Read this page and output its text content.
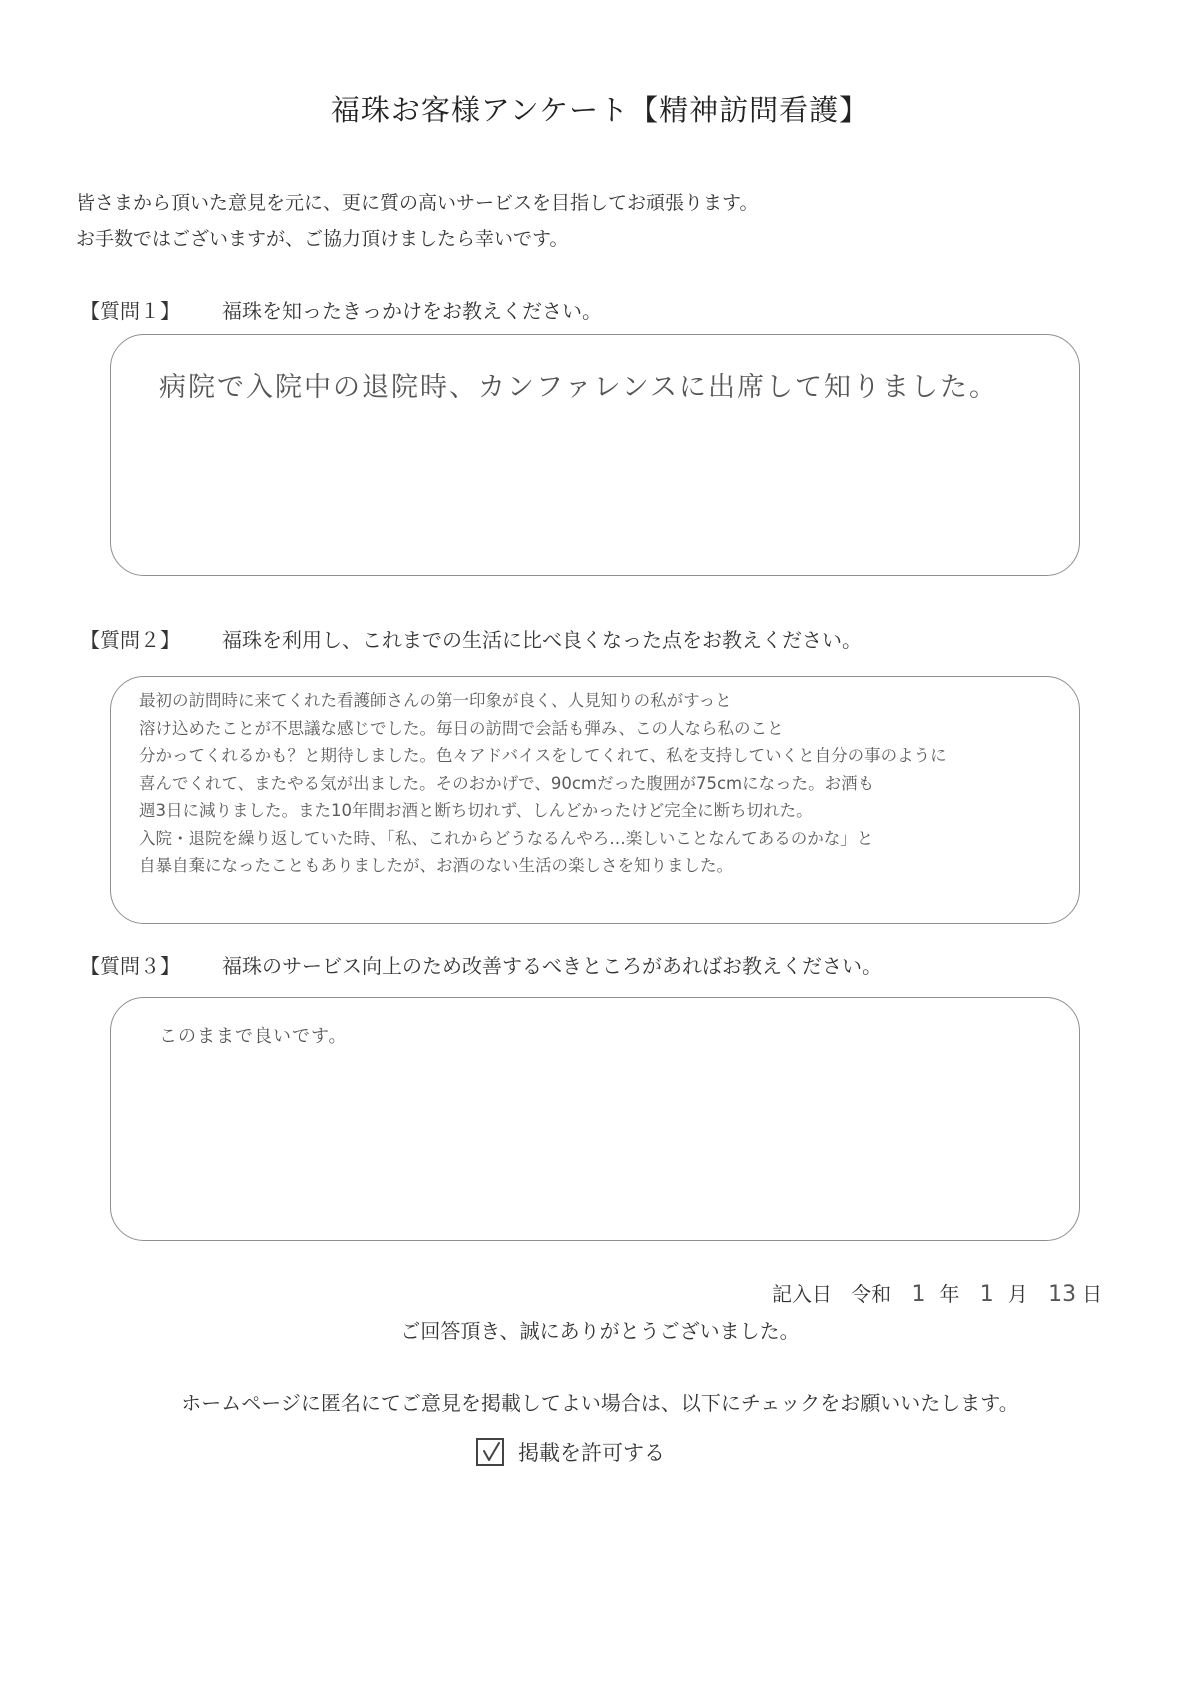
福珠お客様アンケート【精神訪問看護】
皆さまから頂いた意見を元に、更に質の高いサービスを目指してお頑張ります。
お手数ではございますが、ご協力頂けましたら幸いです。
【質問１】 福珠を知ったきっかけをお教えください。
病院で入院中の退院時、カンファレンスに出席して知りました。
【質問２】 福珠を利用し、これまでの生活に比べ良くなった点をお教えください。
最初の訪問時に来てくれた看護師さんの第一印象が良く、人見知りの私がすっと
溶け込めたことが不思議な感じでした。毎日の訪問で会話も弾み、この人なら私のこと
分かってくれるかも？と期待しました。色々アドバイスをしてくれて、私を支持していくと自分の事のように
喜んでくれて、またやる気が出ました。そのおかげで、90cmだった腹囲が75cmになった。お酒も
週3日に減りました。また10年間お酒と断ち切れず、しんどかったけど完全に断ち切れた。
入院・退院を繰り返していた時、「私、これからどうなるんやろ…楽しいことなんてあるのかな」と
自暴自棄になったこともありましたが、お酒のない生活の楽しさを知りました。
【質問３】 福珠のサービス向上のため改善するべきところがあればお教えください。
このままで良いです。
記入日 令和 1 年 1 月 13 日
ご回答頂き、誠にありがとうございました。
ホームページに匿名にてご意見を掲載してよい場合は、以下にチェックをお願いいたします。
掲載を許可する
